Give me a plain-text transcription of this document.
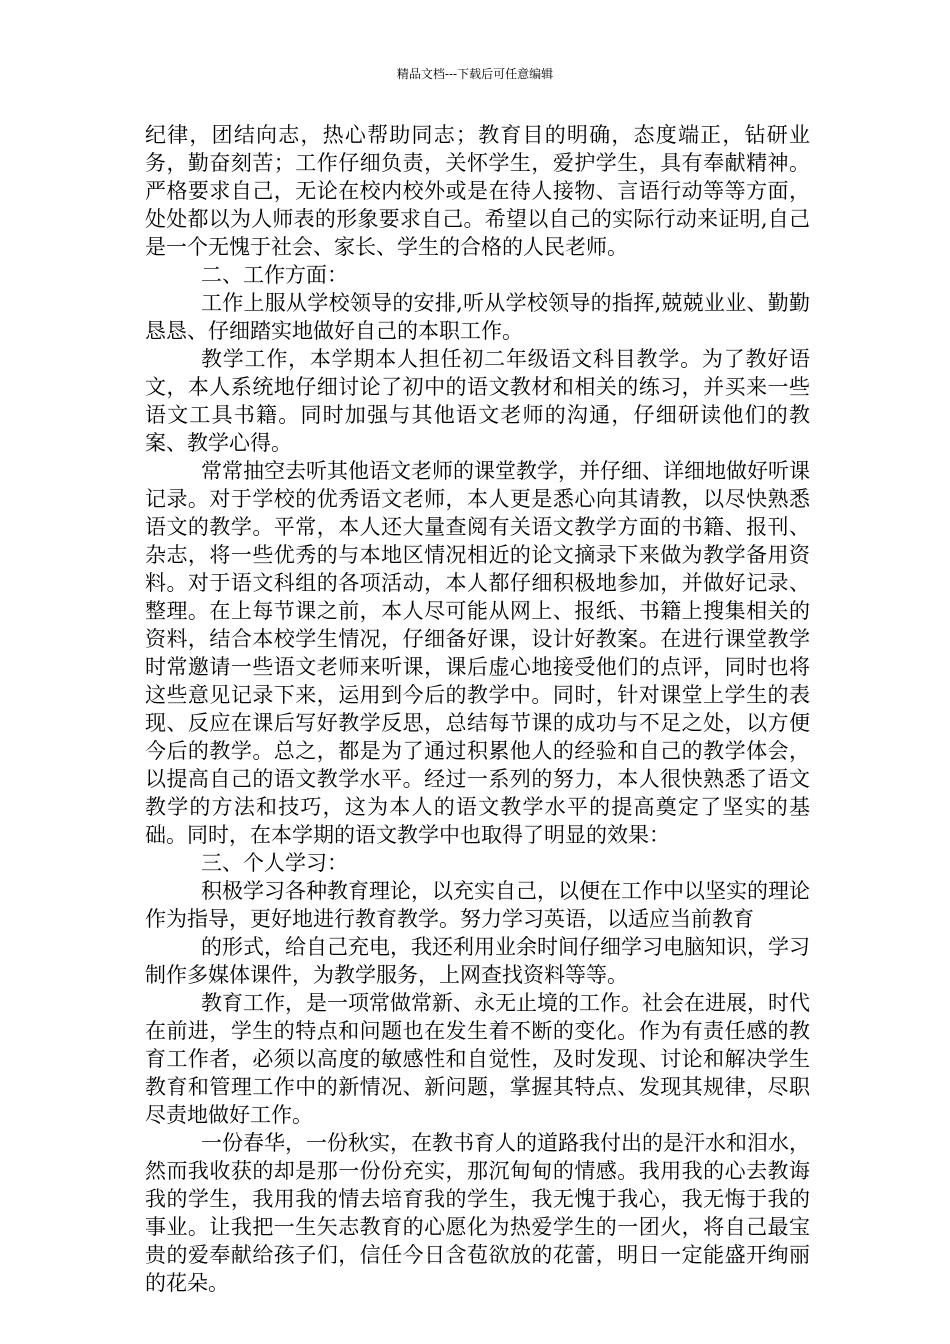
精品文档---下载后可任意编辑

纪律，团结向志，热心帮助同志；教育目的明确，态度端正，钻研业务，勤奋刻苦；工作仔细负责，关怀学生，爱护学生，具有奉献精神。严格要求自己，无论在校内校外或是在待人接物、言语行动等等方面，处处都以为人师表的形象要求自己。希望以自己的实际行动来证明,自己是一个无愧于社会、家长、学生的合格的人民老师。

二、工作方面：

工作上服从学校领导的安排,听从学校领导的指挥,兢兢业业、勤勤恳恳、仔细踏实地做好自己的本职工作。

教学工作，本学期本人担任初二年级语文科目教学。为了教好语文，本人系统地仔细讨论了初中的语文教材和相关的练习，并买来一些语文工具书籍。同时加强与其他语文老师的沟通，仔细研读他们的教案、教学心得。

常常抽空去听其他语文老师的课堂教学，并仔细、详细地做好听课记录。对于学校的优秀语文老师，本人更是悉心向其请教，以尽快熟悉语文的教学。平常，本人还大量查阅有关语文教学方面的书籍、报刊、杂志，将一些优秀的与本地区情况相近的论文摘录下来做为教学备用资料。对于语文科组的各项活动，本人都仔细积极地参加，并做好记录、整理。在上每节课之前，本人尽可能从网上、报纸、书籍上搜集相关的资料，结合本校学生情况，仔细备好课，设计好教案。在进行课堂教学时常邀请一些语文老师来听课，课后虚心地接受他们的点评，同时也将这些意见记录下来，运用到今后的教学中。同时，针对课堂上学生的表现、反应在课后写好教学反思，总结每节课的成功与不足之处，以方便今后的教学。总之，都是为了通过积累他人的经验和自己的教学体会，以提高自己的语文教学水平。经过一系列的努力，本人很快熟悉了语文教学的方法和技巧，这为本人的语文教学水平的提高奠定了坚实的基础。同时，在本学期的语文教学中也取得了明显的效果：

三、个人学习：

积极学习各种教育理论，以充实自己，以便在工作中以坚实的理论作为指导，更好地进行教育教学。努力学习英语，以适应当前教育

的形式，给自己充电，我还利用业余时间仔细学习电脑知识，学习制作多媒体课件，为教学服务，上网查找资料等等。

教育工作，是一项常做常新、永无止境的工作。社会在进展，时代在前进，学生的特点和问题也在发生着不断的变化。作为有责任感的教育工作者，必须以高度的敏感性和自觉性，及时发现、讨论和解决学生教育和管理工作中的新情况、新问题，掌握其特点、发现其规律，尽职尽责地做好工作。

一份春华，一份秋实，在教书育人的道路我付出的是汗水和泪水，然而我收获的却是那一份份充实，那沉甸甸的情感。我用我的心去教诲我的学生，我用我的情去培育我的学生，我无愧于我心，我无悔于我的事业。让我把一生矢志教育的心愿化为热爱学生的一团火，将自己最宝贵的爱奉献给孩子们，信任今日含苞欲放的花蕾，明日一定能盛开绚丽的花朵。
